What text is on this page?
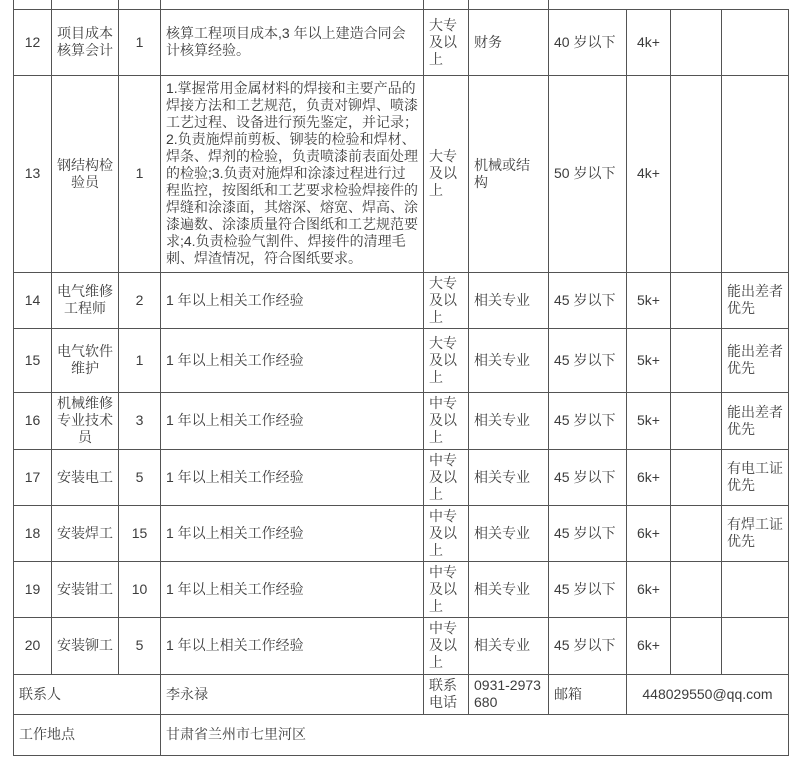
12	项目成本核算会计	1	核算工程项目成本,3 年以上建造合同会计核算经验。	大专及以上	财务	40 岁以下	4k+		
13	钢结构检验员	1	1.掌握常用金属材料的焊接和主要产品的焊接方法和工艺规范，负责对铆焊、喷漆工艺过程、设备进行预先鉴定，并记录；2.负责施焊前剪板、铆装的检验和焊材、焊条、焊剂的检验，负责喷漆前表面处理的检验;3.负责对施焊和涂漆过程进行过程监控，按图纸和工艺要求检验焊接件的焊缝和涂漆面，其熔深、熔宽、焊高、涂漆遍数、涂漆质量符合图纸和工艺规范要求;4.负责检验气割件、焊接件的清理毛刺、焊渣情况，符合图纸要求。	大专及以上	机械或结构	50 岁以下	4k+		
14	电气维修工程师	2	1 年以上相关工作经验	大专及以上	相关专业	45 岁以下	5k+		能出差者优先
15	电气软件维护	1	1 年以上相关工作经验	大专及以上	相关专业	45 岁以下	5k+		能出差者优先
16	机械维修专业技术员	3	1 年以上相关工作经验	中专及以上	相关专业	45 岁以下	5k+		能出差者优先
17	安装电工	5	1 年以上相关工作经验	中专及以上	相关专业	45 岁以下	6k+		有电工证优先
18	安装焊工	15	1 年以上相关工作经验	中专及以上	相关专业	45 岁以下	6k+		有焊工证优先
19	安装钳工	10	1 年以上相关工作经验	中专及以上	相关专业	45 岁以下	6k+		
20	安装铆工	5	1 年以上相关工作经验	中专及以上	相关专业	45 岁以下	6k+		
联系人			李永禄	联系电话	0931-2973680	邮箱	448029550@qq.com		
工作地点			甘肃省兰州市七里河区						
